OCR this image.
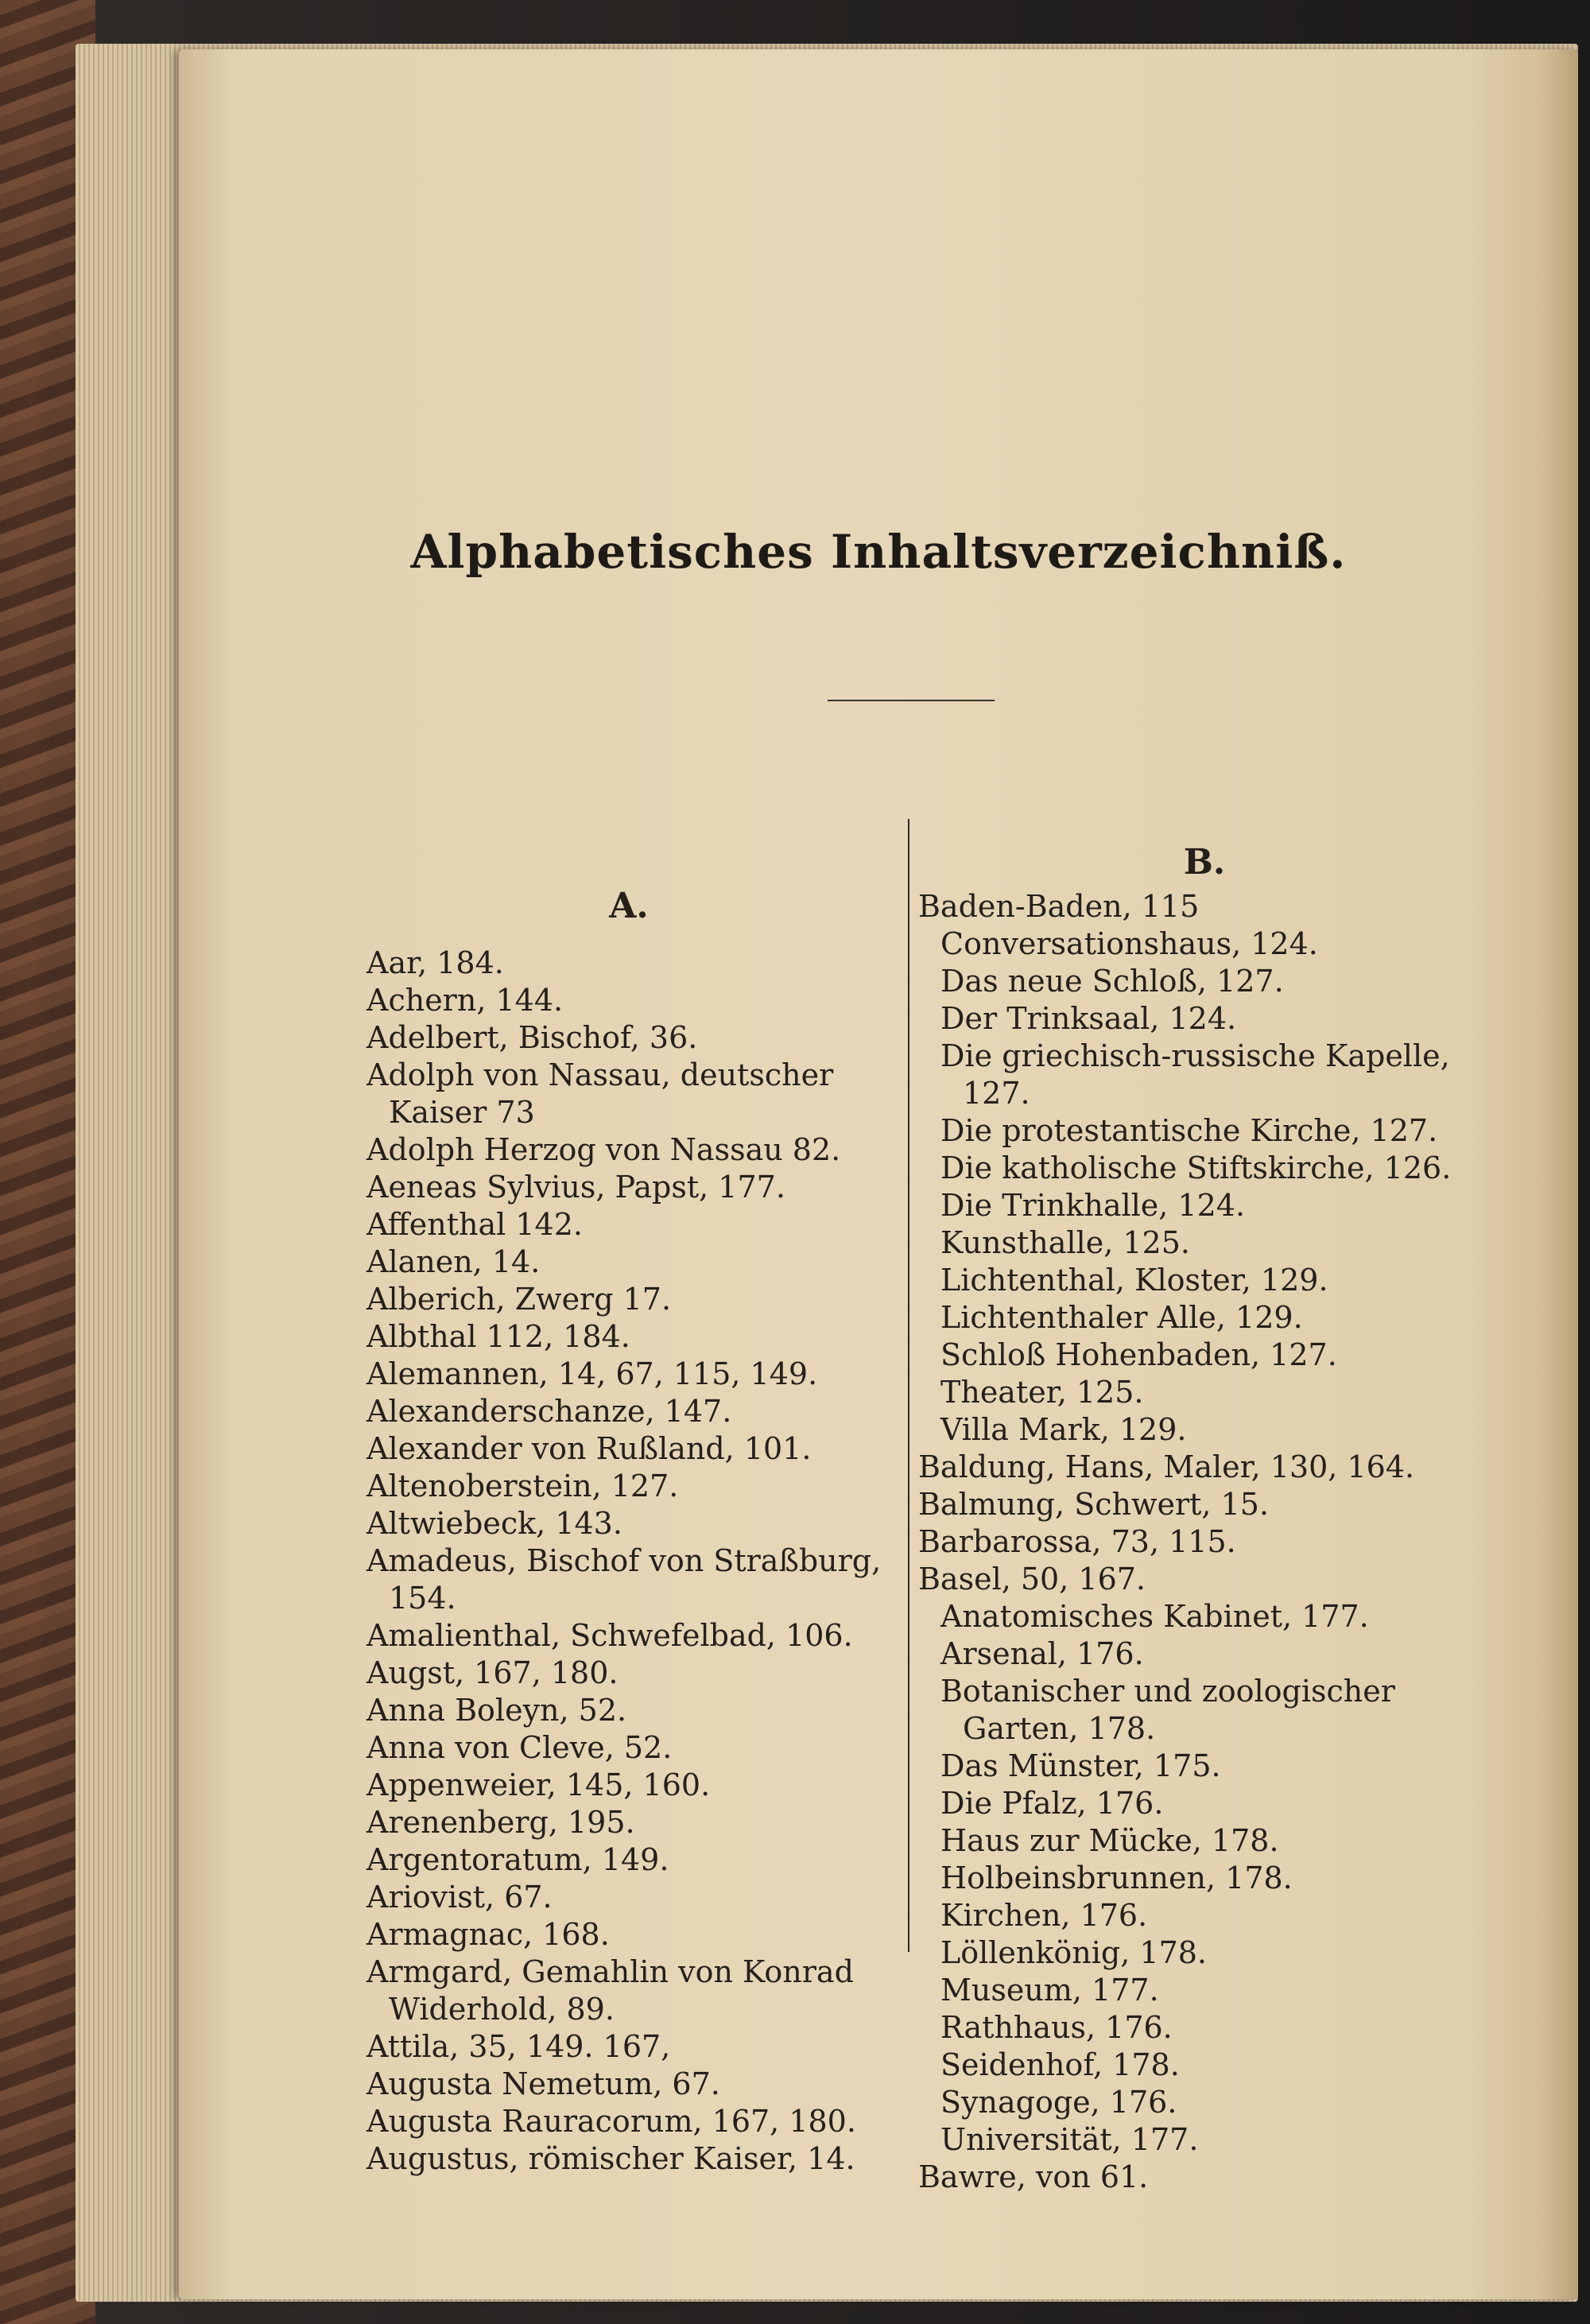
Alphabetisches Inhaltsverzeichniß.
A.
Aar, 184.
Achern, 144.
Adelbert, Bischof, 36.
Adolph von Nassau, deutscher Kaiser 73
Adolph Herzog von Nassau 82.
Aeneas Sylvius, Papst, 177.
Affenthal 142.
Alanen, 14.
Alberich, Zwerg 17.
Albthal 112, 184.
Alemannen, 14, 67, 115, 149.
Alexanderschanze, 147.
Alexander von Rußland, 101.
Altenoberstein, 127.
Altwiebeck, 143.
Amadeus, Bischof von Straßburg, 154.
Amalienthal, Schwefelbad, 106.
Augst, 167, 180.
Anna Boleyn, 52.
Anna von Cleve, 52.
Appenweier, 145, 160.
Arenenberg, 195.
Argentoratum, 149.
Ariovist, 67.
Armagnac, 168.
Armgard, Gemahlin von Konrad Widerhold, 89.
Attila, 35, 149. 167,
Augusta Nemetum, 67.
Augusta Rauracorum, 167, 180.
Augustus, römischer Kaiser, 14.
B.
Baden-Baden, 115
Conversationshaus, 124.
Das neue Schloß, 127.
Der Trinksaal, 124.
Die griechisch-russische Kapelle, 127.
Die protestantische Kirche, 127.
Die katholische Stiftskirche, 126.
Die Trinkhalle, 124.
Kunsthalle, 125.
Lichtenthal, Kloster, 129.
Lichtenthaler Alle, 129.
Schloß Hohenbaden, 127.
Theater, 125.
Villa Mark, 129.
Baldung, Hans, Maler, 130, 164.
Balmung, Schwert, 15.
Barbarossa, 73, 115.
Basel, 50, 167.
Anatomisches Kabinet, 177.
Arsenal, 176.
Botanischer und zoologischer Garten, 178.
Das Münster, 175.
Die Pfalz, 176.
Haus zur Mücke, 178.
Holbeinsbrunnen, 178.
Kirchen, 176.
Löllenkönig, 178.
Museum, 177.
Rathhaus, 176.
Seidenhof, 178.
Synagoge, 176.
Universität, 177.
Bawre, von 61.
